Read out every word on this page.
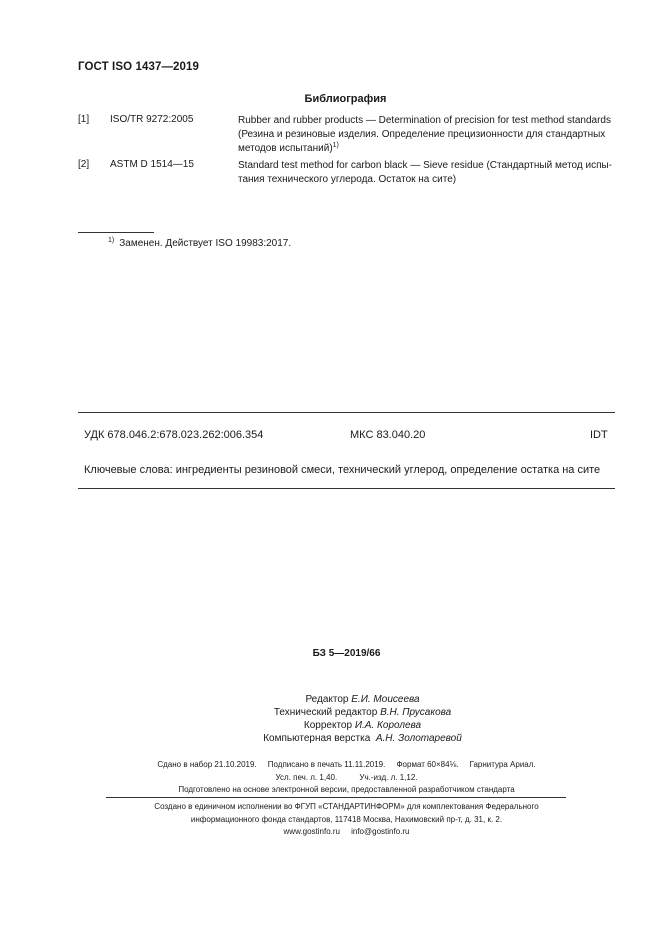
ГОСТ ISO 1437—2019
Библиография
[1] ISO/TR 9272:2005	Rubber and rubber products — Determination of precision for test method standards
(Резина и резиновые изделия. Определение прецизионности для стандартных
методов испытаний)$^{1)}$
[2] ASTM D 1514—15	Standard test method for carbon black — Sieve residue (Стандартный метод испы-
тания технического углерода. Остаток на сите)
$^{1)}$ Заменен. Действует ISO 19983:2017.
УДК 678.046.2:678.023.262:006.354	МКС 83.040.20	IDT
Ключевые слова: ингредиенты резиновой смеси, технический углерод, определение остатка на сите
БЗ 5—2019/66
Редактор Е.И. Моисеева
Технический редактор В.Н. Прусакова
Корректор И.А. Королева
Компьютерная верстка А.Н. Золотаревой
Сдано в набор 21.10.2019.     Подписано в печать 11.11.2019.     Формат 60×84⅛.     Гарнитура Ариал.
Усл. печ. л. 1,40.          Уч.-изд. л. 1,12.
Подготовлено на основе электронной версии, предоставленной разработчиком стандарта
Создано в единичном исполнении во ФГУП «СТАНДАРТИНФОРМ» для комплектования Федерального
информационного фонда стандартов, 117418 Москва, Нахимовский пр-т, д. 31, к. 2.
www.gostinfo.ru     info@gostinfo.ru
